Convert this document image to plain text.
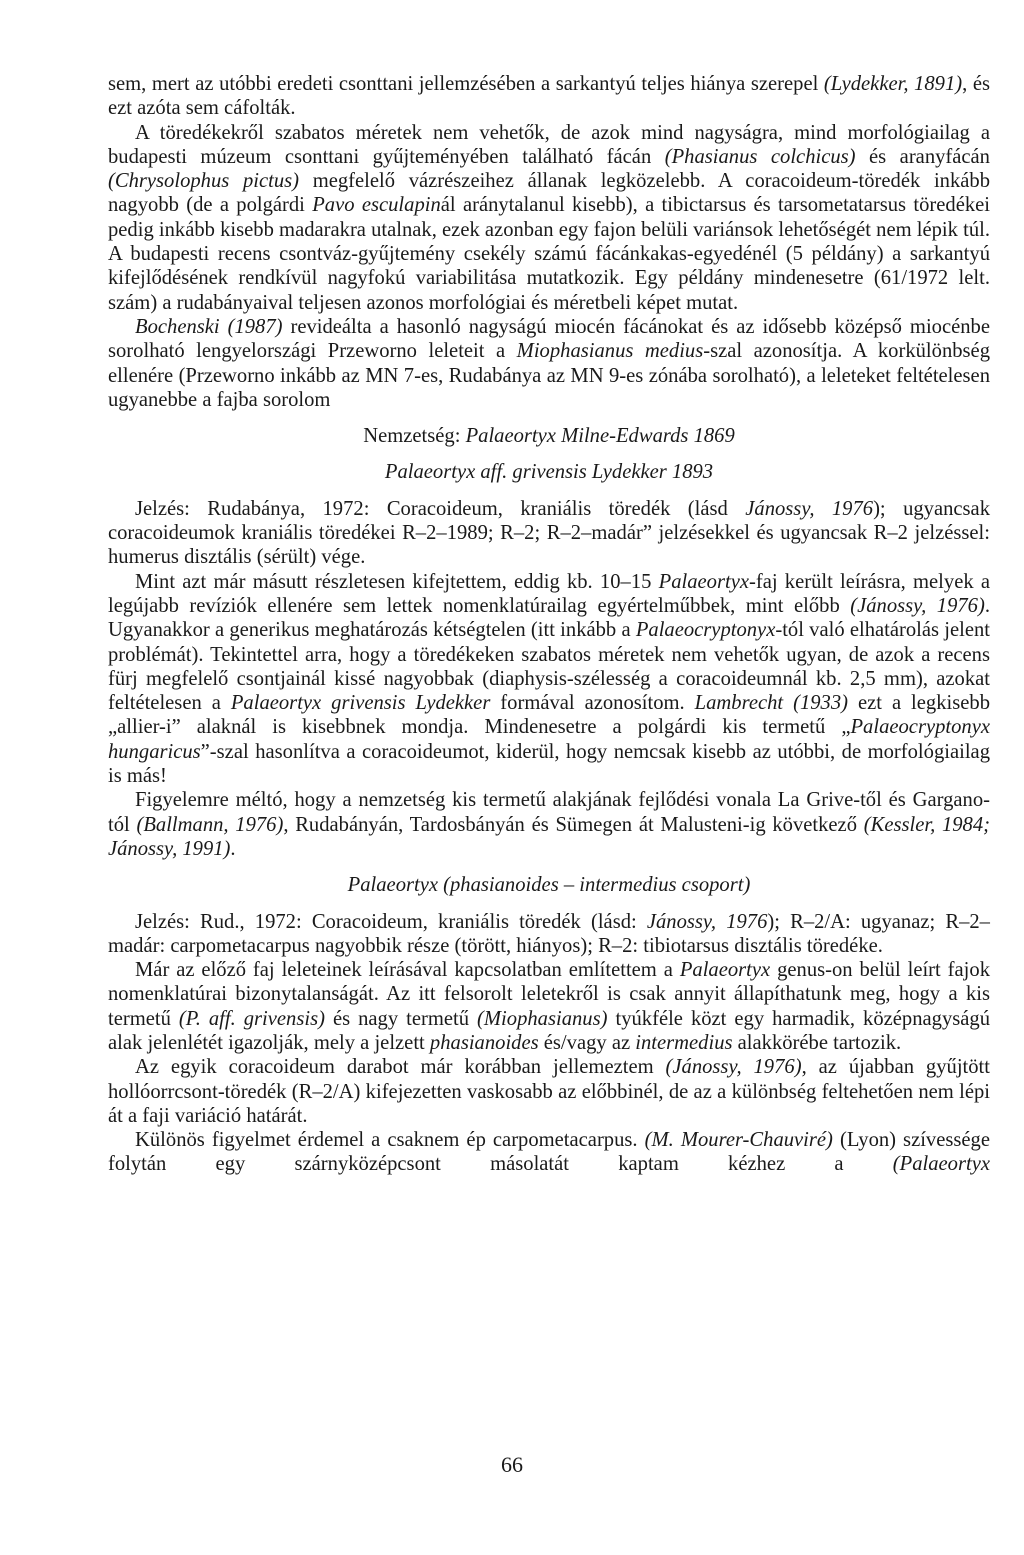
sem, mert az utóbbi eredeti csonttani jellemzésében a sarkantyú teljes hiánya szerepel (Lydekker, 1891), és ezt azóta sem cáfolták.

A töredékekről szabatos méretek nem vehetők, de azok mind nagyságra, mind morfológiailag a budapesti múzeum csonttani gyűjteményében található fácán (Phasianus colchicus) és aranyfácán (Chrysolophus pictus) megfelelő vázrészeihez állanak legközelebb. A coracoideum-töredék inkább nagyobb (de a polgárdi Pavo esculapinál aránytalanul kisebb), a tibictarsus és tarsometatarsus töredékei pedig inkább kisebb madarakra utalnak, ezek azonban egy fajon belüli variánsok lehetőségét nem lépik túl. A budapesti recens csontváz-gyűjtemény csekély számú fácánkakas-egyedénél (5 példány) a sarkantyú kifejlődésének rendkívül nagyfokú variabilitása mutatkozik. Egy példány mindenesetre (61/1972 lelt. szám) a rudabányaival teljesen azonos morfológiai és méretbeli képet mutat.

Bochenski (1987) revideálta a hasonló nagyságú miocén fácánokat és az idősebb középső miocénbe sorolható lengyelországi Przeworno leleteit a Miophasianus medius-szal azonosítja. A korkülönbség ellenére (Przeworno inkább az MN 7-es, Rudabánya az MN 9-es zónába sorolható), a leleteket feltételesen ugyanebbe a fajba sorolom

Nemzetség: Palaeortyx Milne-Edwards 1869

Palaeortyx aff. grivensis Lydekker 1893

Jelzés: Rudabánya, 1972: Coracoideum, kraniális töredék (lásd Jánossy, 1976); ugyancsak coracoideumok kraniális töredékei R–2–1989; R–2; R–2–madár” jelzésekkel és ugyancsak R–2 jelzéssel: humerus disztális (sérült) vége.

Mint azt már másutt részletesen kifejtettem, eddig kb. 10–15 Palaeortyx-faj került leírásra, melyek a legújabb revíziók ellenére sem lettek nomenklatúrailag egyértelműbbek, mint előbb (Jánossy, 1976). Ugyanakkor a generikus meghatározás kétségtelen (itt inkább a Palaeocryptonyx-tól való elhatárolás jelent problémát). Tekintettel arra, hogy a töredékeken szabatos méretek nem vehetők ugyan, de azok a recens fürj megfelelő csontjainál kissé nagyobbak (diaphysis-szélesség a coracoideumnál kb. 2,5 mm), azokat feltételesen a Palaeortyx grivensis Lydekker formával azonosítom. Lambrecht (1933) ezt a legkisebb „allier-i” alaknál is kisebbnek mondja. Mindenesetre a polgárdi kis termetű „Palaeocryptonyx hungaricus”-szal hasonlítva a coracoideumot, kiderül, hogy nemcsak kisebb az utóbbi, de morfológiailag is más!

Figyelemre méltó, hogy a nemzetség kis termetű alakjának fejlődési vonala La Grive-től és Gargano-tól (Ballmann, 1976), Rudabányán, Tardosbányán és Sümegen át Malusteni-ig következő (Kessler, 1984; Jánossy, 1991).

Palaeortyx (phasianoides – intermedius csoport)

Jelzés: Rud., 1972: Coracoideum, kraniális töredék (lásd: Jánossy, 1976); R–2/A: ugyanaz; R–2–madár: carpometacarpus nagyobbik része (törött, hiányos); R–2: tibiotarsus disztális töredéke.

Már az előző faj leleteinek leírásával kapcsolatban említettem a Palaeortyx genus-on belül leírt fajok nomenklatúrai bizonytalanságát. Az itt felsorolt leletekről is csak annyit állapíthatunk meg, hogy a kis termetű (P. aff. grivensis) és nagy termetű (Miophasianus) tyúkféle közt egy harmadik, középnagyságú alak jelenlétét igazolják, mely a jelzett phasianoides és/vagy az intermedius alakkörébe tartozik.

Az egyik coracoideum darabot már korábban jellemeztem (Jánossy, 1976), az újabban gyűjtött hollóorrcsont-töredék (R–2/A) kifejezetten vaskosabb az előbbinél, de az a különbség feltehetően nem lépi át a faji variáció határát.

Különös figyelmet érdemel a csaknem ép carpometacarpus. (M. Mourer-Chauviré) (Lyon) szívessége folytán egy szárnyközépcsont másolatát kaptam kézhez a (Palaeortyx

66
